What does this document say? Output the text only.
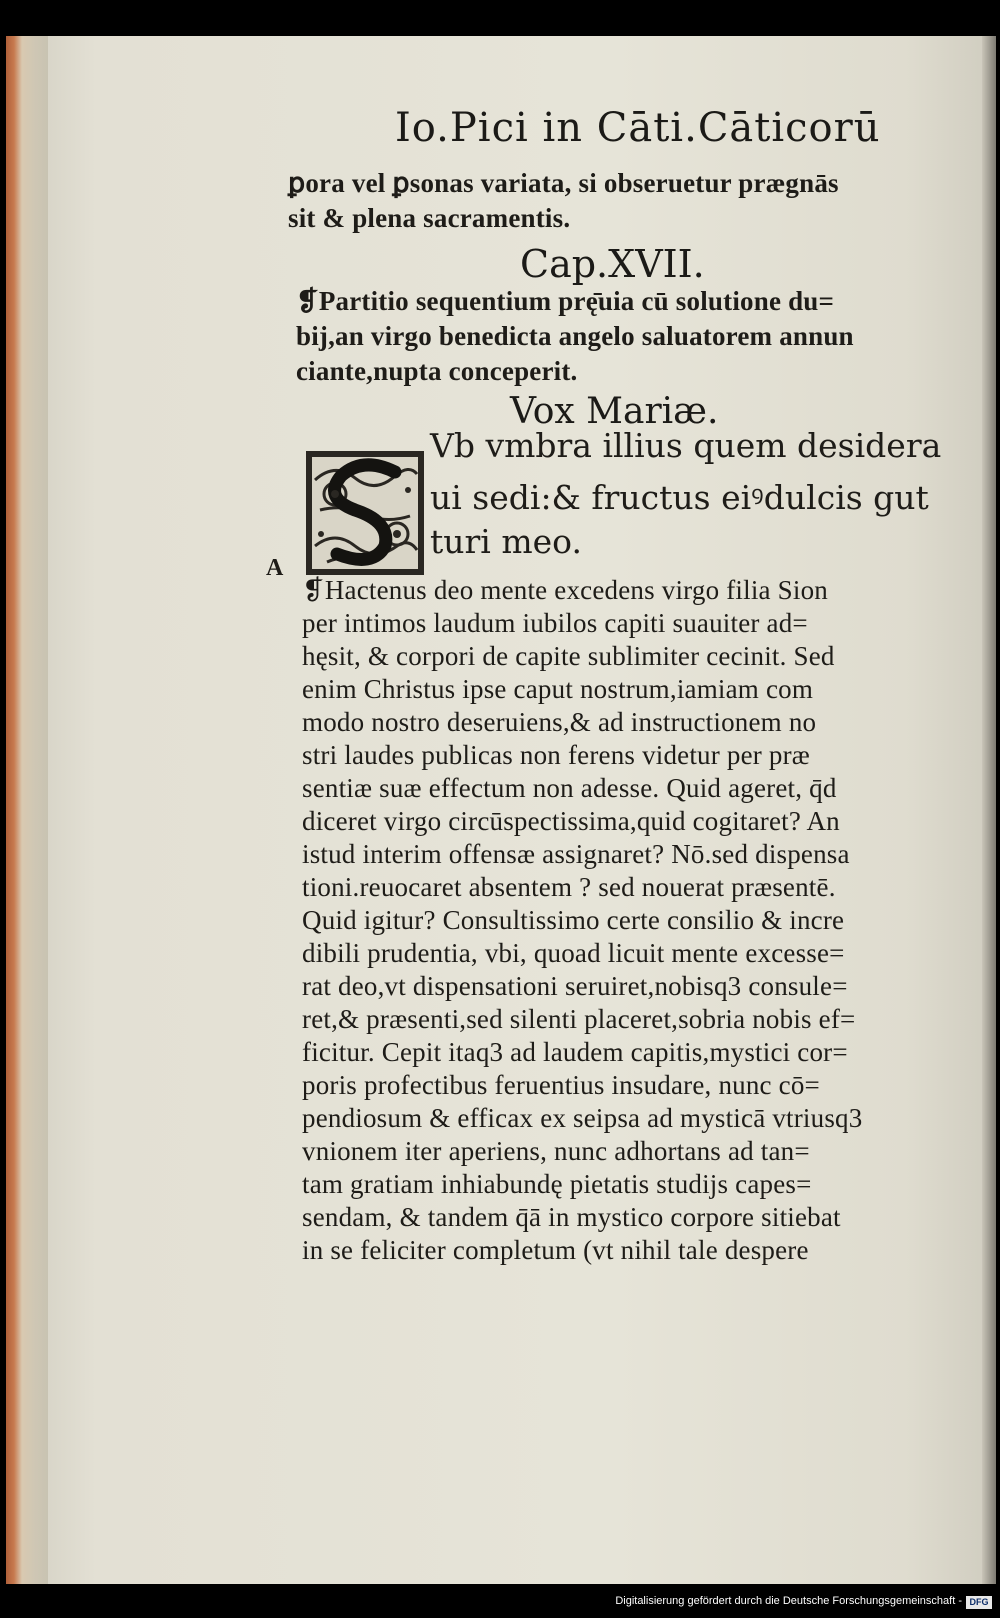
Io.Pici in Cāti.Cāticorū
ꝑora vel ꝑsonas variata, si obseruetur prægnās
sit & plena sacramentis.
Cap.XVII.
❡Partitio sequentium prę̄uia cū solutione du=
bij,an virgo benedicta angelo saluatorem annun
ciante,nupta conceperit.
Vox Mariæ.
Vb vmbra illius quem desidera
ui sedi:& fructus eiꝰdulcis gut
turi meo.
A
❡Hactenus deo mente excedens virgo filia Sion
per intimos laudum iubilos capiti suauiter ad=
hęsit, & corpori de capite sublimiter cecinit. Sed
enim Christus ipse caput nostrum,iamiam com
modo nostro deseruiens,& ad instructionem no
stri laudes publicas non ferens videtur per præ
sentiæ suæ effectum non adesse. Quid ageret, q̄d
diceret virgo circūspectissima,quid cogitaret? An
istud interim offensæ assignaret? Nō.sed dispensa
tioni.reuocaret absentem ? sed nouerat præsentē.
Quid igitur? Consultissimo certe consilio & incre
dibili prudentia, vbi, quoad licuit mente excesse=
rat deo,vt dispensationi seruiret,nobisq3 consule=
ret,& præsenti,sed silenti placeret,sobria nobis ef=
ficitur. Cepit itaq3 ad laudem capitis,mystici cor=
poris profectibus feruentius insudare, nunc cō=
pendiosum & efficax ex seipsa ad mysticā vtriusq3
vnionem iter aperiens, nunc adhortans ad tan=
tam gratiam inhiabundę pietatis studijs capes=
sendam, & tandem q̄ā in mystico corpore sitiebat
in se feliciter completum (vt nihil tale despere
Digitalisierung gefördert durch die Deutsche Forschungsgemeinschaft - DFG
